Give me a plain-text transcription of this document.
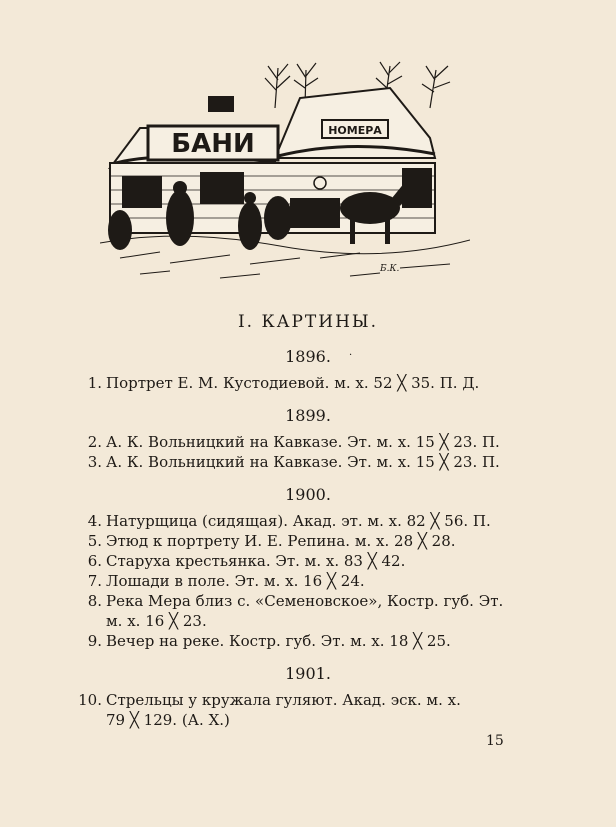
БАНИ	НОМЕРА
Б.К.
I. КАРТИНЫ.
·
1896.
1. Портрет Е. М. Кустодиевой. м. х. 52 ╳ 35. П. Д.
1899.
2. А. К. Вольницкий на Кавказе. Эт. м. х. 15 ╳ 23. П.
3. А. К. Вольницкий на Кавказе. Эт. м. х. 15 ╳ 23. П.
1900.
4. Натурщица (сидящая). Акад. эт. м. х. 82 ╳ 56. П.
5. Этюд к портрету И. Е. Репина. м. х. 28 ╳ 28.
6. Старуха крестьянка. Эт. м. х. 83 ╳ 42.
7. Лошади в поле. Эт. м. х. 16 ╳ 24.
8. Река Мера близ с. «Семеновское», Костр. губ. Эт.
м. х. 16 ╳ 23.
9. Вечер на реке. Костр. губ. Эт. м. х. 18 ╳ 25.
1901.
10. Стрельцы у кружала гуляют. Акад. эск. м. х.
79 ╳ 129. (А. Х.)
15
